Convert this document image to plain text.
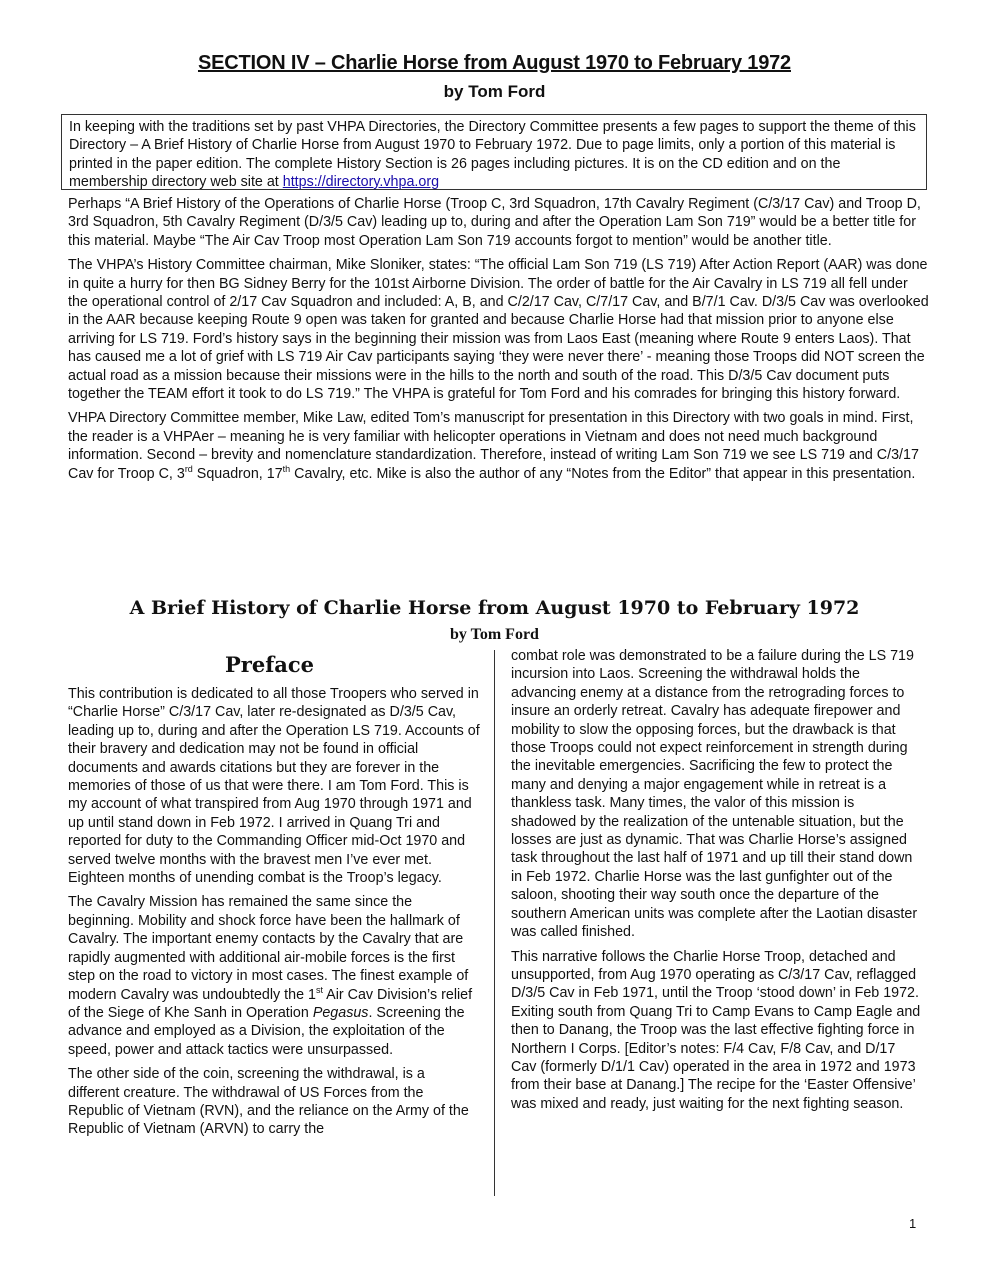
SECTION IV – Charlie Horse from August 1970 to February 1972
by Tom Ford
In keeping with the traditions set by past VHPA Directories, the Directory Committee presents a few pages to support the theme of this Directory – A Brief History of Charlie Horse from August 1970 to February 1972. Due to page limits, only a portion of this material is printed in the paper edition. The complete History Section is 26 pages including pictures. It is on the CD edition and on the membership directory web site at https://directory.vhpa.org

Perhaps “A Brief History of the Operations of Charlie Horse (Troop C, 3rd Squadron, 17th Cavalry Regiment (C/3/17 Cav) and Troop D, 3rd Squadron, 5th Cavalry Regiment (D/3/5 Cav) leading up to, during and after the Operation Lam Son 719” would be a better title for this material. Maybe “The Air Cav Troop most Operation Lam Son 719 accounts forgot to mention” would be another title.

The VHPA’s History Committee chairman, Mike Sloniker, states: “The official Lam Son 719 (LS 719) After Action Report (AAR) was done in quite a hurry for then BG Sidney Berry for the 101st Airborne Division. The order of battle for the Air Cavalry in LS 719 all fell under the operational control of 2/17 Cav Squadron and included: A, B, and C/2/17 Cav, C/7/17 Cav, and B/7/1 Cav. D/3/5 Cav was overlooked in the AAR because keeping Route 9 open was taken for granted and because Charlie Horse had that mission prior to anyone else arriving for LS 719. Ford’s history says in the beginning their mission was from Laos East (meaning where Route 9 enters Laos). That has caused me a lot of grief with LS 719 Air Cav participants saying ‘they were never there’ - meaning those Troops did NOT screen the actual road as a mission because their missions were in the hills to the north and south of the road. This D/3/5 Cav document puts together the TEAM effort it took to do LS 719.” The VHPA is grateful for Tom Ford and his comrades for bringing this history forward.

VHPA Directory Committee member, Mike Law, edited Tom’s manuscript for presentation in this Directory with two goals in mind. First, the reader is a VHPAer – meaning he is very familiar with helicopter operations in Vietnam and does not need much background information. Second – brevity and nomenclature standardization. Therefore, instead of writing Lam Son 719 we see LS 719 and C/3/17 Cav for Troop C, 3rd Squadron, 17th Cavalry, etc. Mike is also the author of any “Notes from the Editor” that appear in this presentation.

A Brief History of Charlie Horse from August 1970 to February 1972
by Tom Ford
Preface

This contribution is dedicated to all those Troopers who served in “Charlie Horse” C/3/17 Cav, later re-designated as D/3/5 Cav, leading up to, during and after the Operation LS 719. Accounts of their bravery and dedication may not be found in official documents and awards citations but they are forever in the memories of those of us that were there. I am Tom Ford. This is my account of what transpired from Aug 1970 through 1971 and up until stand down in Feb 1972. I arrived in Quang Tri and reported for duty to the Commanding Officer mid-Oct 1970 and served twelve months with the bravest men I’ve ever met. Eighteen months of unending combat is the Troop’s legacy.

The Cavalry Mission has remained the same since the beginning. Mobility and shock force have been the hallmark of Cavalry. The important enemy contacts by the Cavalry that are rapidly augmented with additional air-mobile forces is the first step on the road to victory in most cases. The finest example of modern Cavalry was undoubtedly the 1st Air Cav Division’s relief of the Siege of Khe Sanh in Operation Pegasus. Screening the advance and employed as a Division, the exploitation of the speed, power and attack tactics were unsurpassed.

The other side of the coin, screening the withdrawal, is a different creature. The withdrawal of US Forces from the Republic of Vietnam (RVN), and the reliance on the Army of the Republic of Vietnam (ARVN) to carry the

combat role was demonstrated to be a failure during the LS 719 incursion into Laos. Screening the withdrawal holds the advancing enemy at a distance from the retrograding forces to insure an orderly retreat. Cavalry has adequate firepower and mobility to slow the opposing forces, but the drawback is that those Troops could not expect reinforcement in strength during the inevitable emergencies. Sacrificing the few to protect the many and denying a major engagement while in retreat is a thankless task. Many times, the valor of this mission is shadowed by the realization of the untenable situation, but the losses are just as dynamic. That was Charlie Horse’s assigned task throughout the last half of 1971 and up till their stand down in Feb 1972. Charlie Horse was the last gunfighter out of the saloon, shooting their way south once the departure of the southern American units was complete after the Laotian disaster was called finished.

This narrative follows the Charlie Horse Troop, detached and unsupported, from Aug 1970 operating as C/3/17 Cav, reflagged D/3/5 Cav in Feb 1971, until the Troop ‘stood down’ in Feb 1972. Exiting south from Quang Tri to Camp Evans to Camp Eagle and then to Danang, the Troop was the last effective fighting force in Northern I Corps. [Editor’s notes: F/4 Cav, F/8 Cav, and D/17 Cav (formerly D/1/1 Cav) operated in the area in 1972 and 1973 from their base at Danang.] The recipe for the ‘Easter Offensive’ was mixed and ready, just waiting for the next fighting season.

1
